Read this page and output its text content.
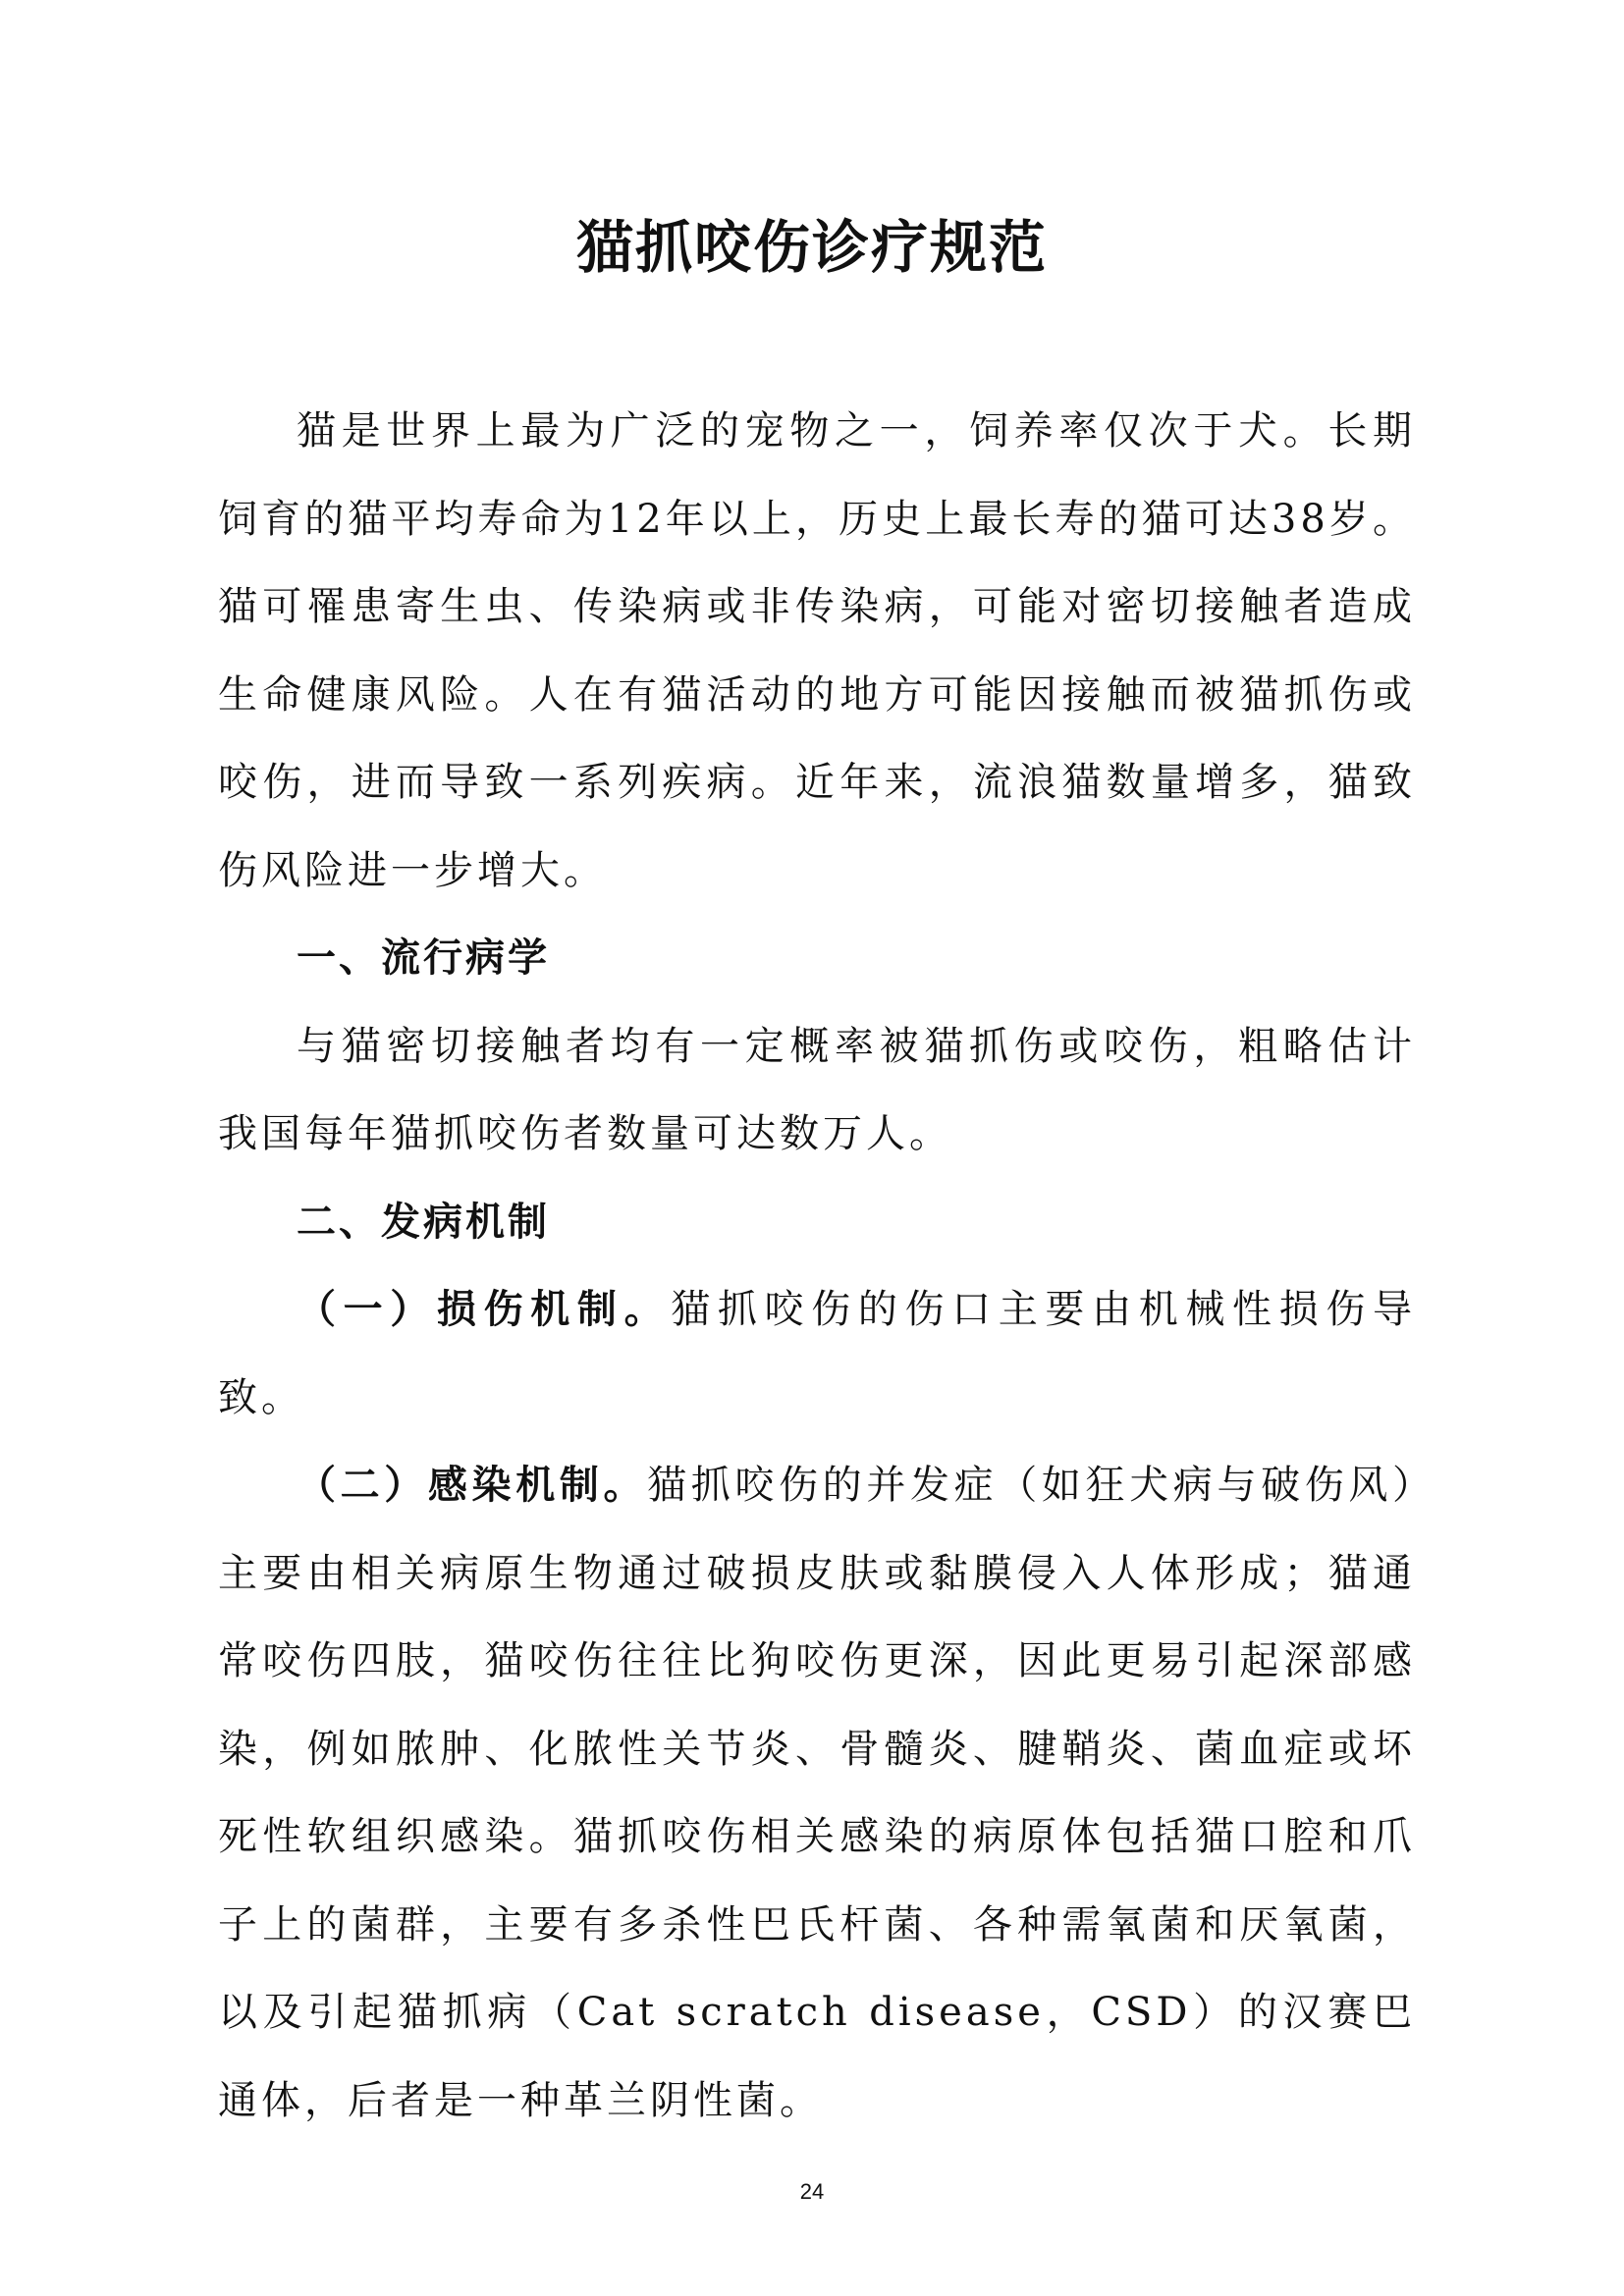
猫抓咬伤诊疗规范

猫是世界上最为广泛的宠物之一，饲养率仅次于犬。长期饲育的猫平均寿命为12年以上，历史上最长寿的猫可达38岁。猫可罹患寄生虫、传染病或非传染病，可能对密切接触者造成生命健康风险。人在有猫活动的地方可能因接触而被猫抓伤或咬伤，进而导致一系列疾病。近年来，流浪猫数量增多，猫致伤风险进一步增大。

一、流行病学

与猫密切接触者均有一定概率被猫抓伤或咬伤，粗略估计我国每年猫抓咬伤者数量可达数万人。

二、发病机制

（一）损伤机制。猫抓咬伤的伤口主要由机械性损伤导致。

（二）感染机制。猫抓咬伤的并发症（如狂犬病与破伤风）主要由相关病原生物通过破损皮肤或黏膜侵入人体形成；猫通常咬伤四肢，猫咬伤往往比狗咬伤更深，因此更易引起深部感染，例如脓肿、化脓性关节炎、骨髓炎、腱鞘炎、菌血症或坏死性软组织感染。猫抓咬伤相关感染的病原体包括猫口腔和爪子上的菌群，主要有多杀性巴氏杆菌、各种需氧菌和厌氧菌，以及引起猫抓病（Cat scratch disease，CSD）的汉赛巴通体，后者是一种革兰阴性菌。

24
